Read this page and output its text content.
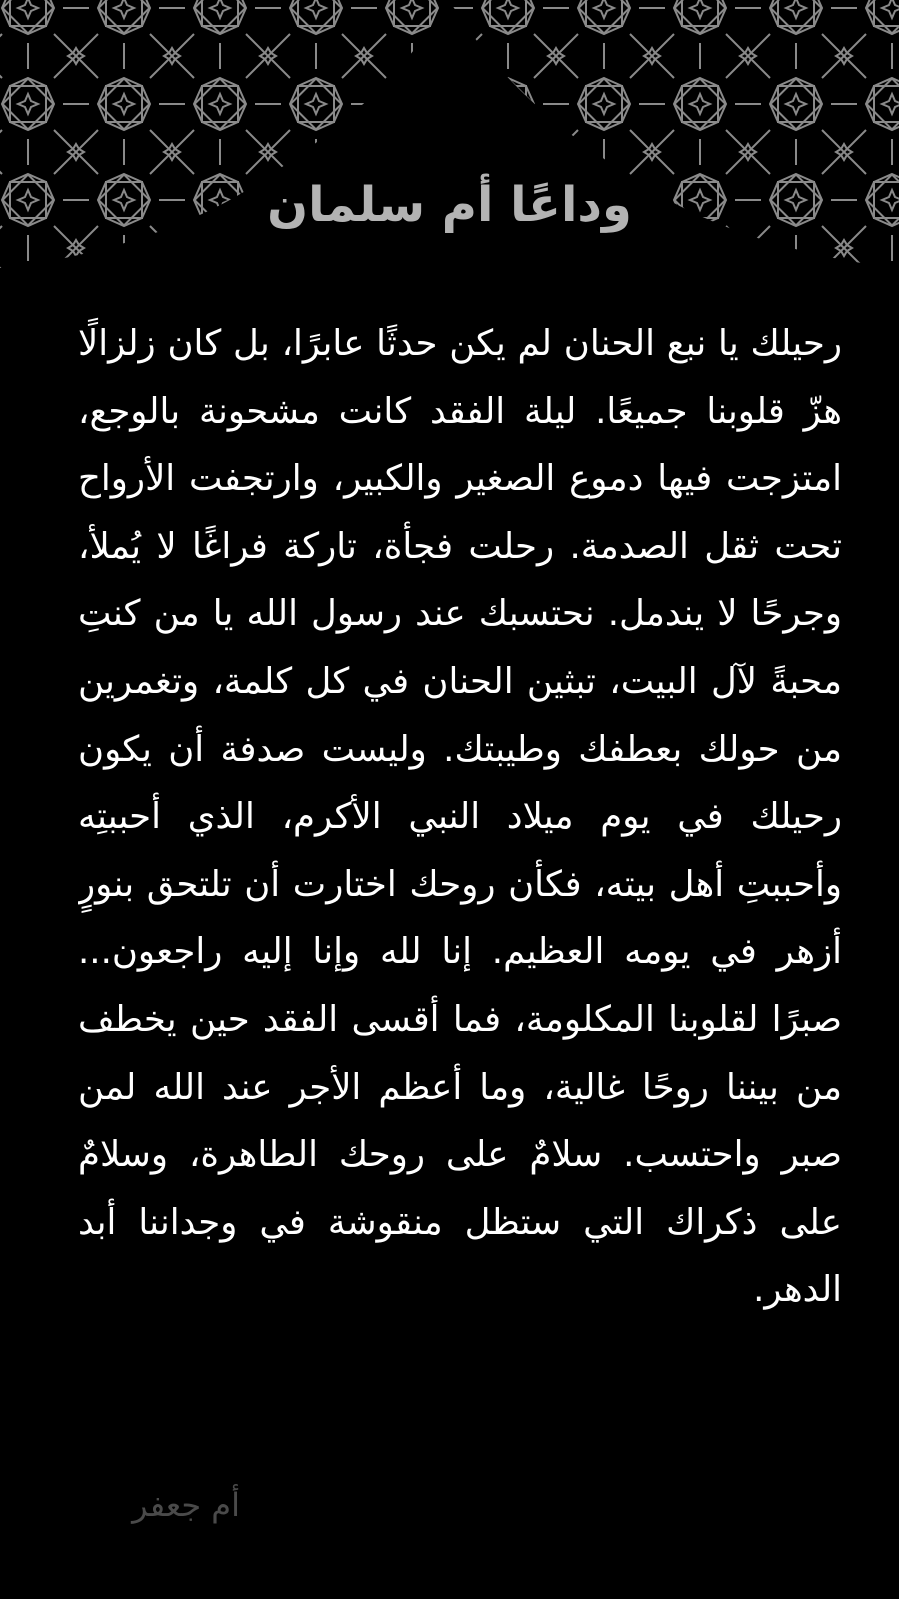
وداعًا أم سلمان

رحيلك يا نبع الحنان لم يكن حدثًا عابرًا، بل كان زلزالًا هزّ قلوبنا جميعًا. ليلة الفقد كانت مشحونة بالوجع، امتزجت فيها دموع الصغير والكبير، وارتجفت الأرواح تحت ثقل الصدمة. رحلت فجأة، تاركة فراغًا لا يُملأ، وجرحًا لا يندمل. نحتسبك عند رسول الله يا من كنتِ محبةً لآل البيت، تبثين الحنان في كل كلمة، وتغمرين من حولك بعطفك وطيبتك. وليست صدفة أن يكون رحيلك في يوم ميلاد النبي الأكرم، الذي أحببتِه وأحببتِ أهل بيته، فكأن روحك اختارت أن تلتحق بنورٍ أزهر في يومه العظيم. إنا لله وإنا إليه راجعون... صبرًا لقلوبنا المكلومة، فما أقسى الفقد حين يخطف من بيننا روحًا غالية، وما أعظم الأجر عند الله لمن صبر واحتسب. سلامٌ على روحك الطاهرة، وسلامٌ على ذكراك التي ستظل منقوشة في وجداننا أبد الدهر.

أم جعفر
